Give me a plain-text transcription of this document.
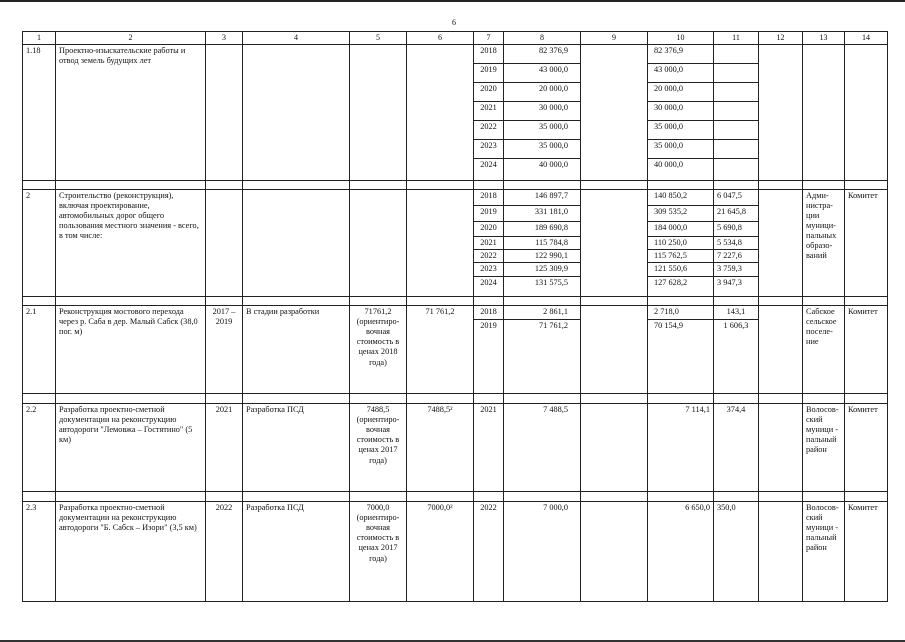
6
1	2	3	4	5	6	7	8	9	10	11	12	13	14
1.18	Проектно-изыскательские работы и отвод земель будущих лет					2018	82 376,9		82 376,9				
						2019	43 000,0		43 000,0				
						2020	20 000,0		20 000,0				
						2021	30 000,0		30 000,0				
						2022	35 000,0		35 000,0				
						2023	35 000,0		35 000,0				
						2024	40 000,0		40 000,0				

2	Строительство (реконструкция), включая проектирование, автомобильных дорог общего пользования местного значения - всего, в том числе:					2018	146 897,7		140 850,2	6 047,5		Адми-нистра-ции муници-пальных образо-ваний	Комитет
						2019	331 181,0		309 535,2	21 645,8			
						2020	189 690,8		184 000,0	5 690,8			
						2021	115 784,8		110 250,0	5 534,8			
						2022	122 990,1		115 762,5	7 227,6			
						2023	125 309,9		121 550,6	3 759,3			
						2024	131 575,5		127 628,2	3 947,3			

2.1	Реконструкция мостового перехода через р. Саба в дер. Малый Сабск (38,0 пог. м)	2017 – 2019	В стадии разработки	71761,2 (ориентиро-вочная стоимость в ценах 2018 года)	71 761,2	2018	2 861,1		2 718,0	143,1		Сабское сельское поселе-ние	Комитет
						2019	71 761,2		70 154,9	1 606,3			

2.2	Разработка проектно-сметной документации на реконструкцию автодороги "Лемовжа – Гостятино" (5 км)	2021	Разработка ПСД	7488,5 (ориентиро-вочная стоимость в ценах 2017 года)	7488,5²	2021	7 488,5		7 114,1	374,4		Волосов-ский муници - пальный район	Комитет

2.3	Разработка проектно-сметной документации на реконструкцию автодороги "Б. Сабск – Изори" (3,5 км)	2022	Разработка ПСД	7000,0 (ориентиро-вочная стоимость в ценах 2017 года)	7000,0²	2022	7 000,0		6 650,0	350,0		Волосов-ский муници - пальный район	Комитет
